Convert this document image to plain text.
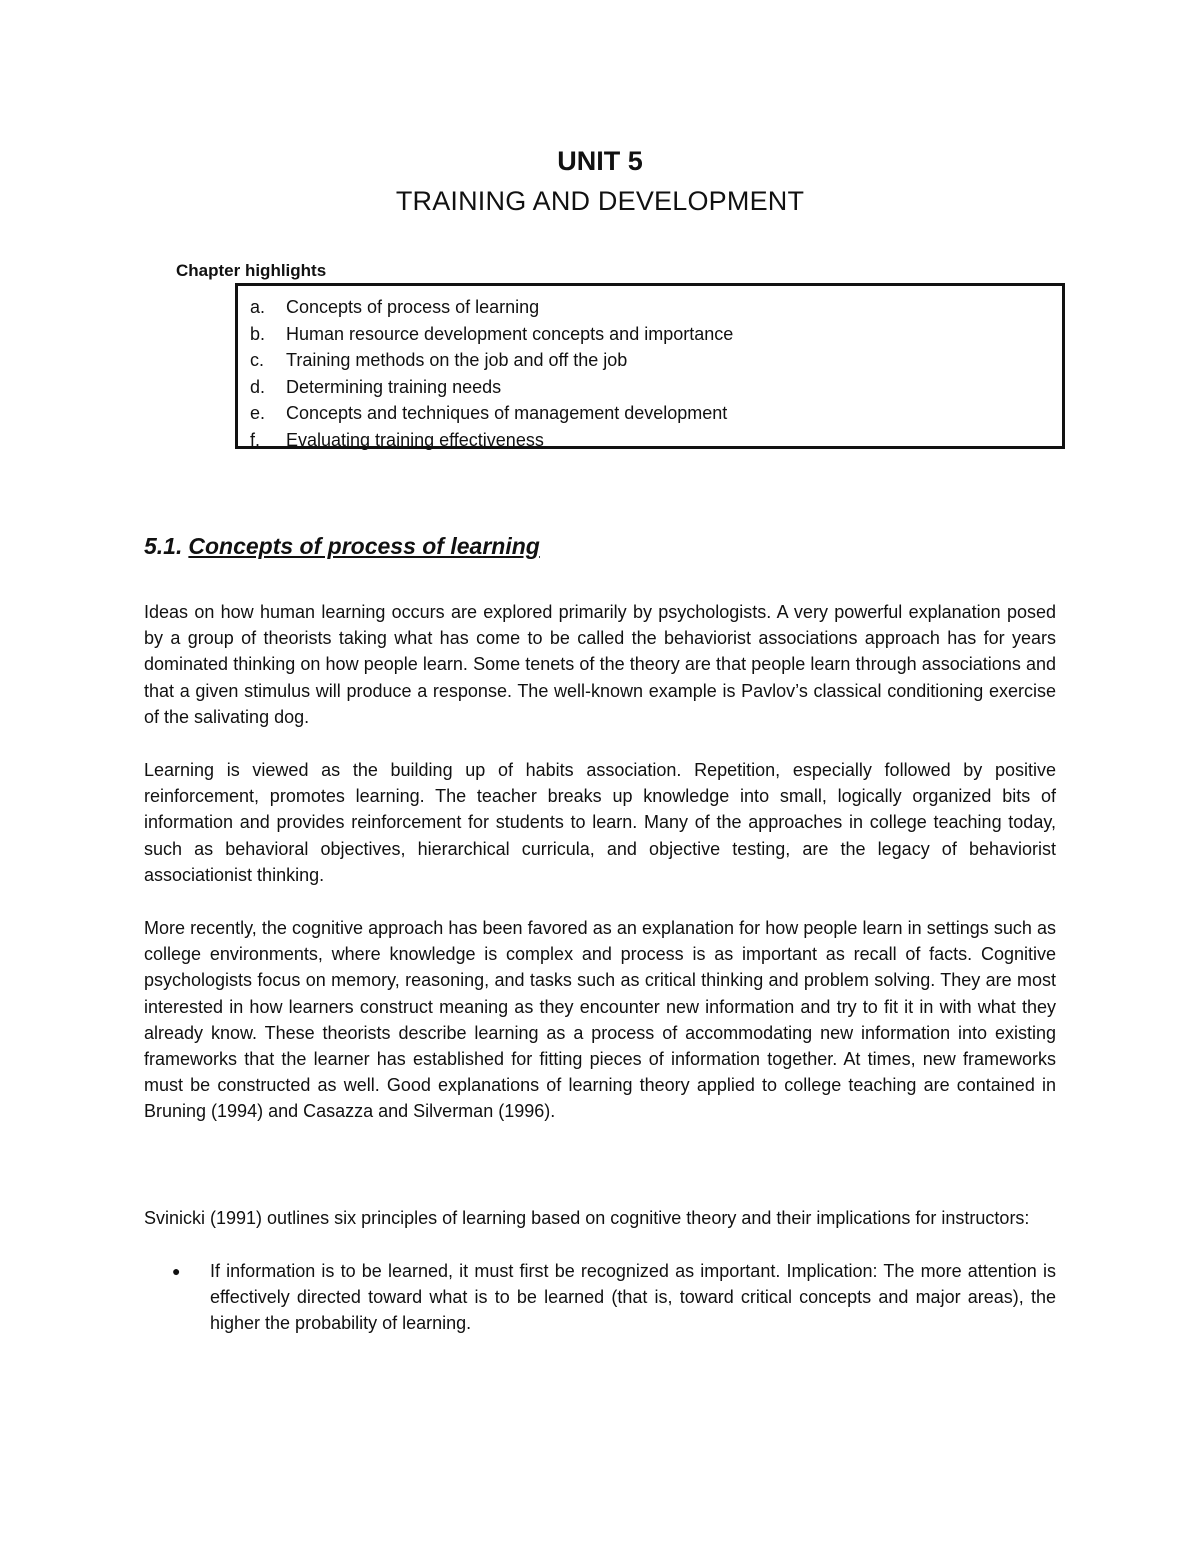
UNIT 5
TRAINING AND DEVELOPMENT

Chapter highlights

a.	Concepts of process of learning
b.	Human resource development concepts and importance
c.	Training methods on the job and off the job
d.	Determining training needs
e.	Concepts and techniques of management development
f.	Evaluating training effectiveness
5.1. Concepts of process of learning

Ideas on how human learning occurs are explored primarily by psychologists. A very powerful explanation posed by a group of theorists taking what has come to be called the behaviorist associations approach has for years dominated thinking on how people learn. Some tenets of the theory are that people learn through associations and that a given stimulus will produce a response. The well-known example is Pavlov’s classical conditioning exercise of the salivating dog.

Learning is viewed as the building up of habits association. Repetition, especially followed by positive reinforcement, promotes learning. The teacher breaks up knowledge into small, logically organized bits of information and provides reinforcement for students to learn. Many of the approaches in college teaching today, such as behavioral objectives, hierarchical curricula, and objective testing, are the legacy of behaviorist associationist thinking.

More recently, the cognitive approach has been favored as an explanation for how people learn in settings such as college environments, where knowledge is complex and process is as important as recall of facts. Cognitive psychologists focus on memory, reasoning, and tasks such as critical thinking and problem solving. They are most interested in how learners construct meaning as they encounter new information and try to fit it in with what they already know. These theorists describe learning as a process of accommodating new information into existing frameworks that the learner has established for fitting pieces of information together. At times, new frameworks must be constructed as well. Good explanations of learning theory applied to college teaching are contained in Bruning (1994) and Casazza and Silverman (1996).

Svinicki (1991) outlines six principles of learning based on cognitive theory and their implications for instructors:

●	If information is to be learned, it must first be recognized as important. Implication: The more attention is effectively directed toward what is to be learned (that is, toward critical concepts and major areas), the higher the probability of learning.
